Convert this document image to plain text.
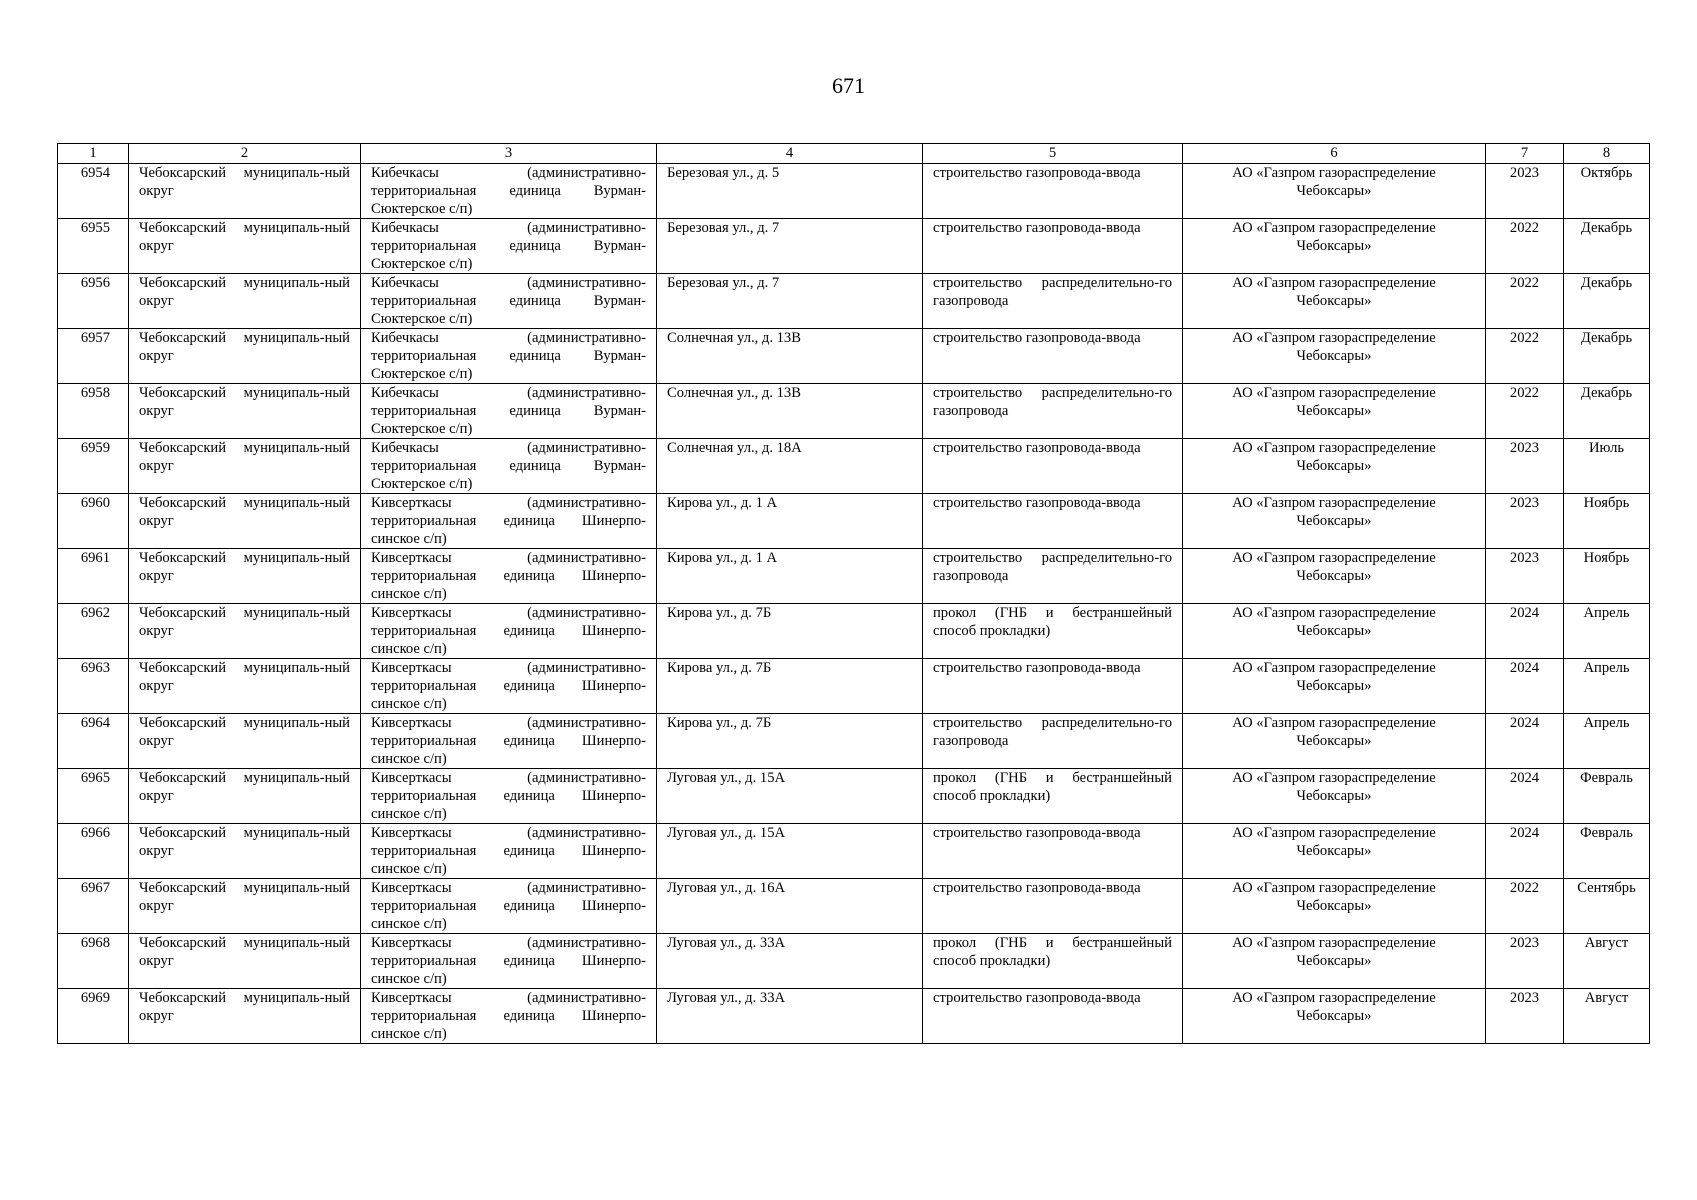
671
1	2	3	4	5	6	7	8
6954	Чебоксарский муниципаль-ный округ	Кибечкасы (административно-территориальная единица Вурман-Сюктерское с/п)	Березовая ул., д. 5	строительство газопровода-ввода	АО «Газпром газораспределение Чебоксары»	2023	Октябрь
6955	Чебоксарский муниципаль-ный округ	Кибечкасы (административно-территориальная единица Вурман-Сюктерское с/п)	Березовая ул., д. 7	строительство газопровода-ввода	АО «Газпром газораспределение Чебоксары»	2022	Декабрь
6956	Чебоксарский муниципаль-ный округ	Кибечкасы (административно-территориальная единица Вурман-Сюктерское с/п)	Березовая ул., д. 7	строительство распределительно-го газопровода	АО «Газпром газораспределение Чебоксары»	2022	Декабрь
6957	Чебоксарский муниципаль-ный округ	Кибечкасы (административно-территориальная единица Вурман-Сюктерское с/п)	Солнечная ул., д. 13В	строительство газопровода-ввода	АО «Газпром газораспределение Чебоксары»	2022	Декабрь
6958	Чебоксарский муниципаль-ный округ	Кибечкасы (административно-территориальная единица Вурман-Сюктерское с/п)	Солнечная ул., д. 13В	строительство распределительно-го газопровода	АО «Газпром газораспределение Чебоксары»	2022	Декабрь
6959	Чебоксарский муниципаль-ный округ	Кибечкасы (административно-территориальная единица Вурман-Сюктерское с/п)	Солнечная ул., д. 18А	строительство газопровода-ввода	АО «Газпром газораспределение Чебоксары»	2023	Июль
6960	Чебоксарский муниципаль-ный округ	Кивсерткасы (административно-территориальная единица Шинерпо-синское с/п)	Кирова ул., д. 1 А	строительство газопровода-ввода	АО «Газпром газораспределение Чебоксары»	2023	Ноябрь
6961	Чебоксарский муниципаль-ный округ	Кивсерткасы (административно-территориальная единица Шинерпо-синское с/п)	Кирова ул., д. 1 А	строительство распределительно-го газопровода	АО «Газпром газораспределение Чебоксары»	2023	Ноябрь
6962	Чебоксарский муниципаль-ный округ	Кивсерткасы (административно-территориальная единица Шинерпо-синское с/п)	Кирова ул., д. 7Б	прокол (ГНБ и бестраншейный способ прокладки)	АО «Газпром газораспределение Чебоксары»	2024	Апрель
6963	Чебоксарский муниципаль-ный округ	Кивсерткасы (административно-территориальная единица Шинерпо-синское с/п)	Кирова ул., д. 7Б	строительство газопровода-ввода	АО «Газпром газораспределение Чебоксары»	2024	Апрель
6964	Чебоксарский муниципаль-ный округ	Кивсерткасы (административно-территориальная единица Шинерпо-синское с/п)	Кирова ул., д. 7Б	строительство распределительно-го газопровода	АО «Газпром газораспределение Чебоксары»	2024	Апрель
6965	Чебоксарский муниципаль-ный округ	Кивсерткасы (административно-территориальная единица Шинерпо-синское с/п)	Луговая ул., д. 15А	прокол (ГНБ и бестраншейный способ прокладки)	АО «Газпром газораспределение Чебоксары»	2024	Февраль
6966	Чебоксарский муниципаль-ный округ	Кивсерткасы (административно-территориальная единица Шинерпо-синское с/п)	Луговая ул., д. 15А	строительство газопровода-ввода	АО «Газпром газораспределение Чебоксары»	2024	Февраль
6967	Чебоксарский муниципаль-ный округ	Кивсерткасы (административно-территориальная единица Шинерпо-синское с/п)	Луговая ул., д. 16А	строительство газопровода-ввода	АО «Газпром газораспределение Чебоксары»	2022	Сентябрь
6968	Чебоксарский муниципаль-ный округ	Кивсерткасы (административно-территориальная единица Шинерпо-синское с/п)	Луговая ул., д. 33А	прокол (ГНБ и бестраншейный способ прокладки)	АО «Газпром газораспределение Чебоксары»	2023	Август
6969	Чебоксарский муниципаль-ный округ	Кивсерткасы (административно-территориальная единица Шинерпо-синское с/п)	Луговая ул., д. 33А	строительство газопровода-ввода	АО «Газпром газораспределение Чебоксары»	2023	Август
